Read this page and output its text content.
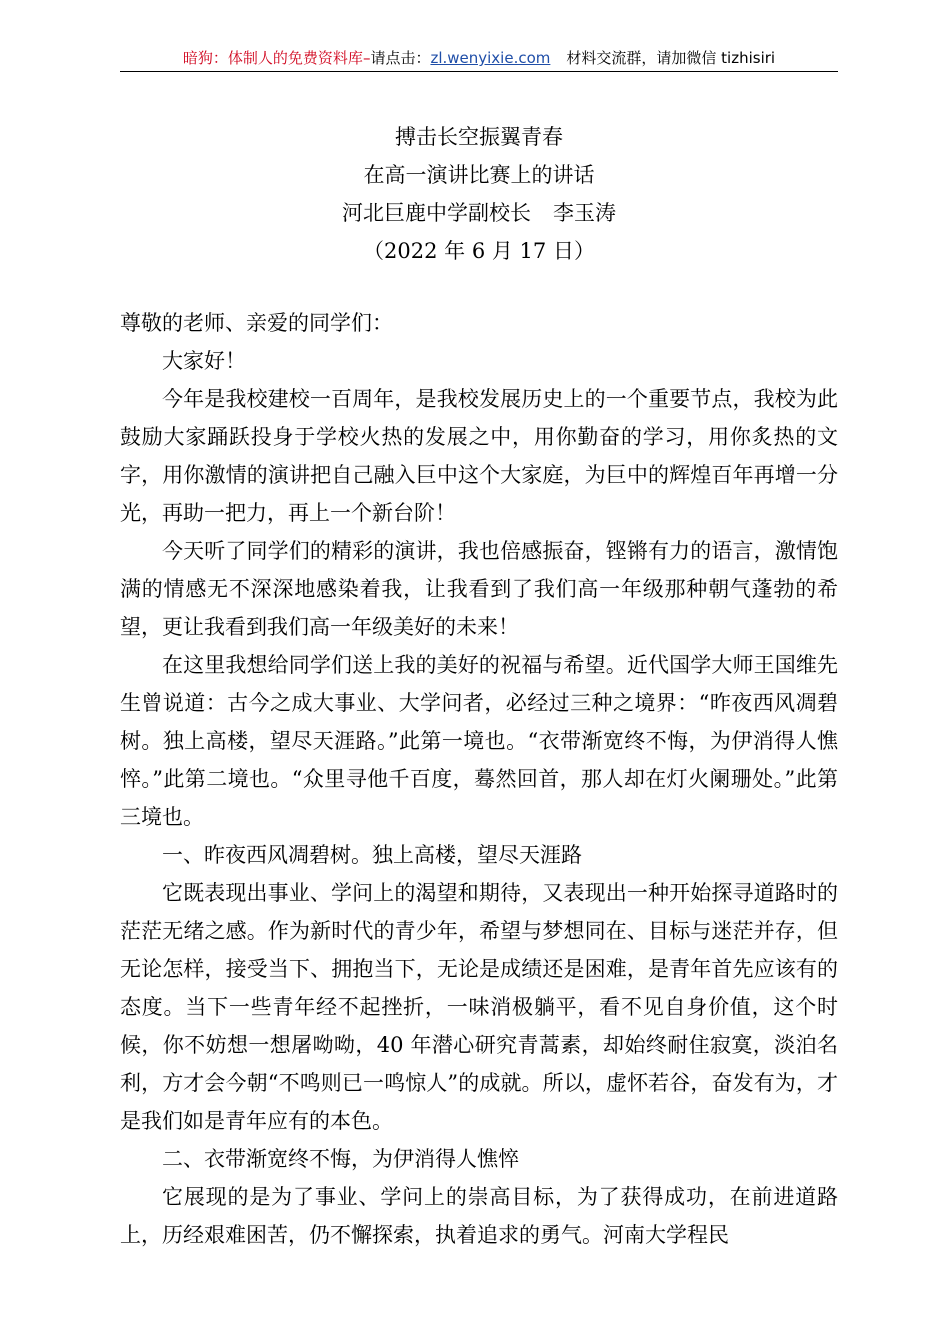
暗狗：体制人的免费资料库–请点击：zl.wenyixie.com 材料交流群，请加微信 tizhisiri
搏击长空振翼青春
在高一演讲比赛上的讲话
河北巨鹿中学副校长 李玉涛
（2022 年 6 月 17 日）

尊敬的老师、亲爱的同学们：

大家好！

今年是我校建校一百周年，是我校发展历史上的一个重要节点，我校为此鼓励大家踊跃投身于学校火热的发展之中，用你勤奋的学习，用你炙热的文字，用你激情的演讲把自己融入巨中这个大家庭，为巨中的辉煌百年再增一分光，再助一把力，再上一个新台阶！

今天听了同学们的精彩的演讲，我也倍感振奋，铿锵有力的语言，激情饱满的情感无不深深地感染着我，让我看到了我们高一年级那种朝气蓬勃的希望，更让我看到我们高一年级美好的未来！

在这里我想给同学们送上我的美好的祝福与希望。近代国学大师王国维先生曾说道：古今之成大事业、大学问者，必经过三种之境界：“昨夜西风凋碧树。独上高楼，望尽天涯路。”此第一境也。“衣带渐宽终不悔，为伊消得人憔悴。”此第二境也。“众里寻他千百度，蓦然回首，那人却在灯火阑珊处。”此第三境也。

一、昨夜西风凋碧树。独上高楼，望尽天涯路

它既表现出事业、学问上的渴望和期待，又表现出一种开始探寻道路时的茫茫无绪之感。作为新时代的青少年，希望与梦想同在、目标与迷茫并存，但无论怎样，接受当下、拥抱当下，无论是成绩还是困难，是青年首先应该有的态度。当下一些青年经不起挫折，一味消极躺平，看不见自身价值，这个时候，你不妨想一想屠呦呦，40 年潜心研究青蒿素，却始终耐住寂寞，淡泊名利，方才会今朝“不鸣则已一鸣惊人”的成就。所以，虚怀若谷，奋发有为，才是我们如是青年应有的本色。

二、衣带渐宽终不悔，为伊消得人憔悴

它展现的是为了事业、学问上的崇高目标，为了获得成功，在前进道路上，历经艰难困苦，仍不懈探索，执着追求的勇气。河南大学程民
